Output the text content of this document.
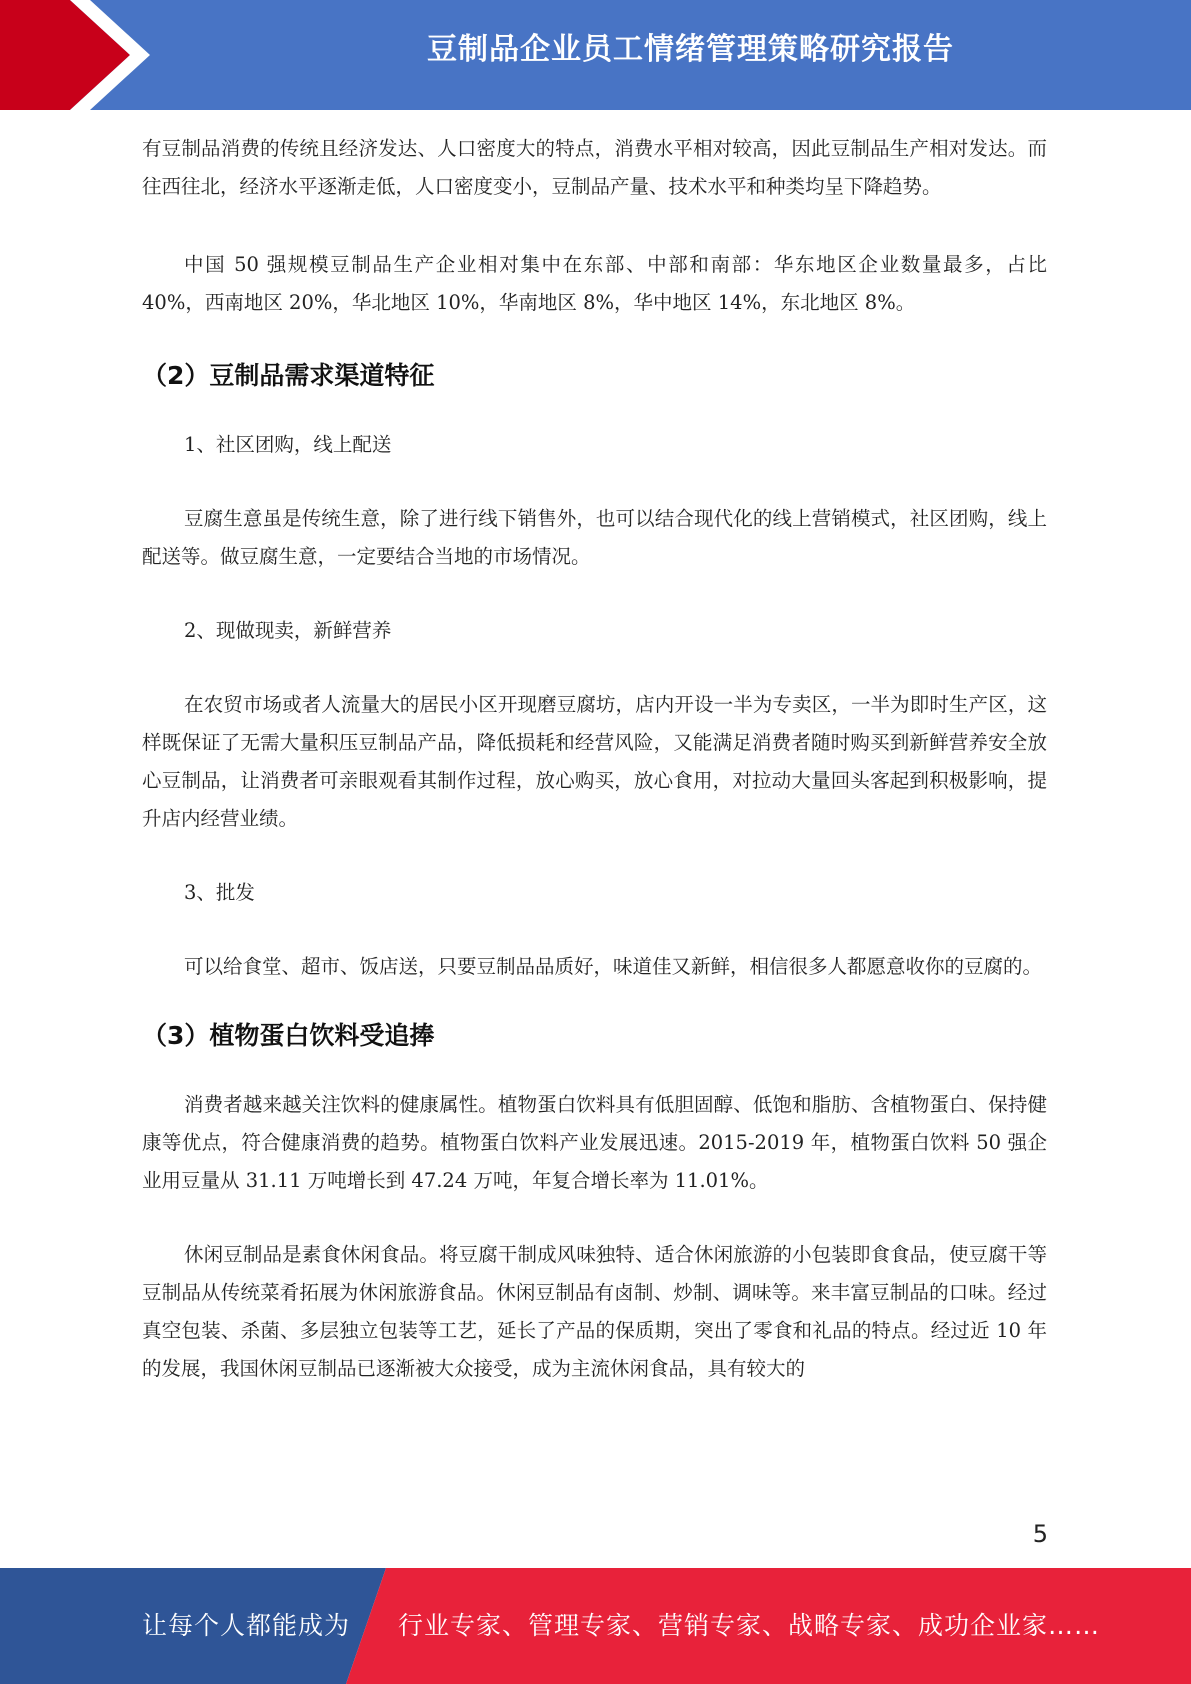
豆制品企业员工情绪管理策略研究报告

有豆制品消费的传统且经济发达、人口密度大的特点，消费水平相对较高，因此豆制品生产相对发达。而往西往北，经济水平逐渐走低，人口密度变小，豆制品产量、技术水平和种类均呈下降趋势。

中国 50 强规模豆制品生产企业相对集中在东部、中部和南部：华东地区企业数量最多，占比 40%，西南地区 20%，华北地区 10%，华南地区 8%，华中地区 14%，东北地区 8%。

（2）豆制品需求渠道特征

1、社区团购，线上配送

豆腐生意虽是传统生意，除了进行线下销售外，也可以结合现代化的线上营销模式，社区团购，线上配送等。做豆腐生意，一定要结合当地的市场情况。

2、现做现卖，新鲜营养

在农贸市场或者人流量大的居民小区开现磨豆腐坊，店内开设一半为专卖区，一半为即时生产区，这样既保证了无需大量积压豆制品产品，降低损耗和经营风险，又能满足消费者随时购买到新鲜营养安全放心豆制品，让消费者可亲眼观看其制作过程，放心购买，放心食用，对拉动大量回头客起到积极影响，提升店内经营业绩。

3、批发

可以给食堂、超市、饭店送，只要豆制品品质好，味道佳又新鲜，相信很多人都愿意收你的豆腐的。

（3）植物蛋白饮料受追捧

消费者越来越关注饮料的健康属性。植物蛋白饮料具有低胆固醇、低饱和脂肪、含植物蛋白、保持健康等优点，符合健康消费的趋势。植物蛋白饮料产业发展迅速。2015-2019 年，植物蛋白饮料 50 强企业用豆量从 31.11 万吨增长到 47.24 万吨，年复合增长率为 11.01%。

休闲豆制品是素食休闲食品。将豆腐干制成风味独特、适合休闲旅游的小包装即食食品，使豆腐干等豆制品从传统菜肴拓展为休闲旅游食品。休闲豆制品有卤制、炒制、调味等。来丰富豆制品的口味。经过真空包装、杀菌、多层独立包装等工艺，延长了产品的保质期，突出了零食和礼品的特点。经过近 10 年的发展，我国休闲豆制品已逐渐被大众接受，成为主流休闲食品，具有较大的

5
让每个人都能成为 行业专家、管理专家、营销专家、战略专家、成功企业家……
